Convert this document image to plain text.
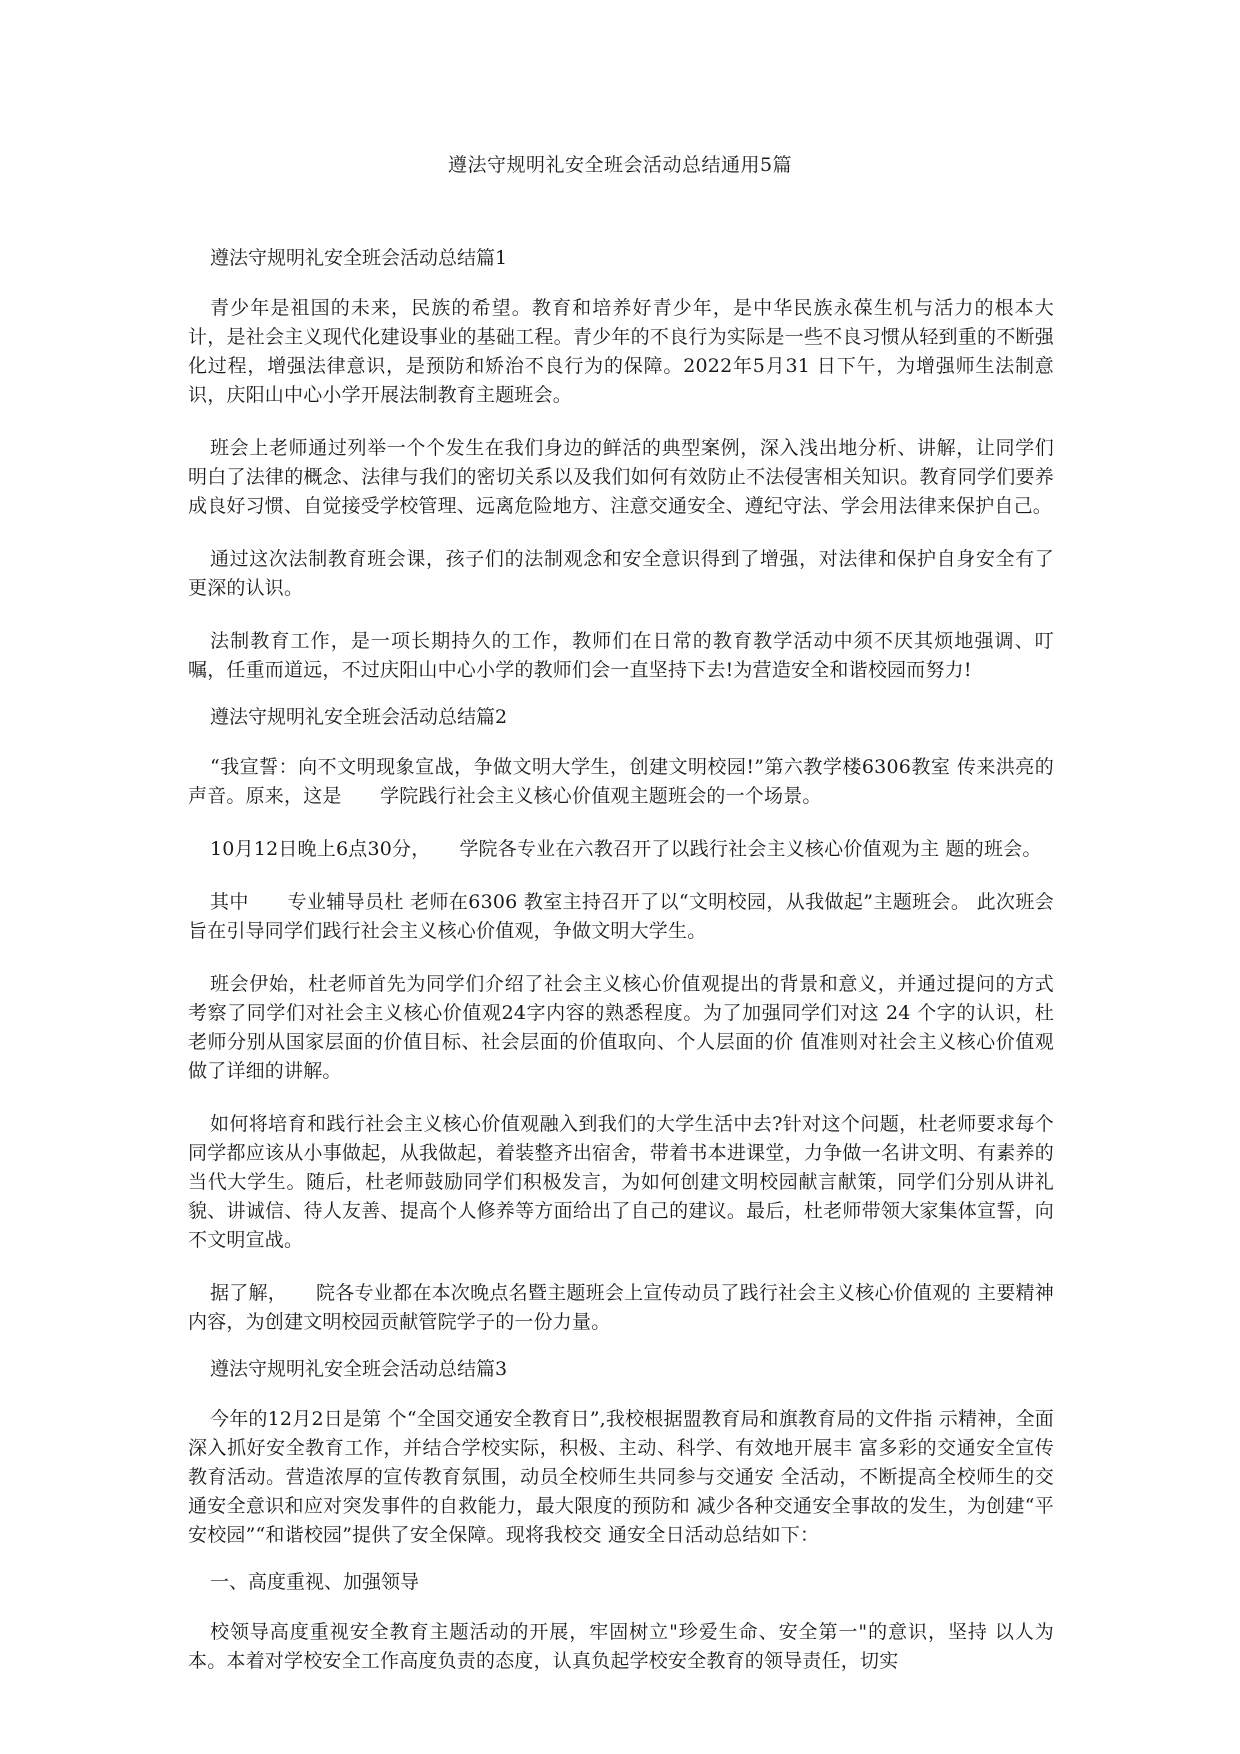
遵法守规明礼安全班会活动总结通用5篇
遵法守规明礼安全班会活动总结篇1

青少年是祖国的未来，民族的希望。教育和培养好青少年，是中华民族永葆生机与活力的根本大计，是社会主义现代化建设事业的基础工程。青少年的不良行为实际是一些不良习惯从轻到重的不断强化过程，增强法律意识，是预防和矫治不良行为的保障。2022年5月31 日下午，为增强师生法制意识，庆阳山中心小学开展法制教育主题班会。

班会上老师通过列举一个个发生在我们身边的鲜活的典型案例，深入浅出地分析、讲解，让同学们明白了法律的概念、法律与我们的密切关系以及我们如何有效防止不法侵害相关知识。教育同学们要养成良好习惯、自觉接受学校管理、远离危险地方、注意交通安全、遵纪守法、学会用法律来保护自己。

通过这次法制教育班会课，孩子们的法制观念和安全意识得到了增强，对法律和保护自身安全有了更深的认识。

法制教育工作，是一项长期持久的工作，教师们在日常的教育教学活动中须不厌其烦地强调、叮嘱，任重而道远，不过庆阳山中心小学的教师们会一直坚持下去!为营造安全和谐校园而努力!

遵法守规明礼安全班会活动总结篇2

“我宣誓：向不文明现象宣战，争做文明大学生，创建文明校园!”第六教学楼6306教室 传来洪亮的声音。原来，这是　　学院践行社会主义核心价值观主题班会的一个场景。

10月12日晚上6点30分，　　学院各专业在六教召开了以践行社会主义核心价值观为主 题的班会。

其中　　专业辅导员杜 老师在6306 教室主持召开了以“文明校园，从我做起”主题班会。 此次班会旨在引导同学们践行社会主义核心价值观，争做文明大学生。

班会伊始，杜老师首先为同学们介绍了社会主义核心价值观提出的背景和意义，并通过提问的方式考察了同学们对社会主义核心价值观24字内容的熟悉程度。为了加强同学们对这 24 个字的认识，杜老师分别从国家层面的价值目标、社会层面的价值取向、个人层面的价 值准则对社会主义核心价值观做了详细的讲解。

如何将培育和践行社会主义核心价值观融入到我们的大学生活中去?针对这个问题，杜老师要求每个同学都应该从小事做起，从我做起，着装整齐出宿舍，带着书本进课堂，力争做一名讲文明、有素养的当代大学生。随后，杜老师鼓励同学们积极发言，为如何创建文明校园献言献策，同学们分别从讲礼貌、讲诚信、待人友善、提高个人修养等方面给出了自己的建议。最后，杜老师带领大家集体宣誓，向不文明宣战。

据了解，　　院各专业都在本次晚点名暨主题班会上宣传动员了践行社会主义核心价值观的 主要精神内容，为创建文明校园贡献管院学子的一份力量。

遵法守规明礼安全班会活动总结篇3

今年的12月2日是第 个“全国交通安全教育日”,我校根据盟教育局和旗教育局的文件指 示精神，全面深入抓好安全教育工作，并结合学校实际，积极、主动、科学、有效地开展丰 富多彩的交通安全宣传教育活动。营造浓厚的宣传教育氛围，动员全校师生共同参与交通安 全活动，不断提高全校师生的交通安全意识和应对突发事件的自救能力，最大限度的预防和 减少各种交通安全事故的发生，为创建“平安校园”“和谐校园”提供了安全保障。现将我校交 通安全日活动总结如下：

一、高度重视、加强领导

校领导高度重视安全教育主题活动的开展，牢固树立"珍爱生命、安全第一"的意识，坚持 以人为本。本着对学校安全工作高度负责的态度，认真负起学校安全教育的领导责任，切实
